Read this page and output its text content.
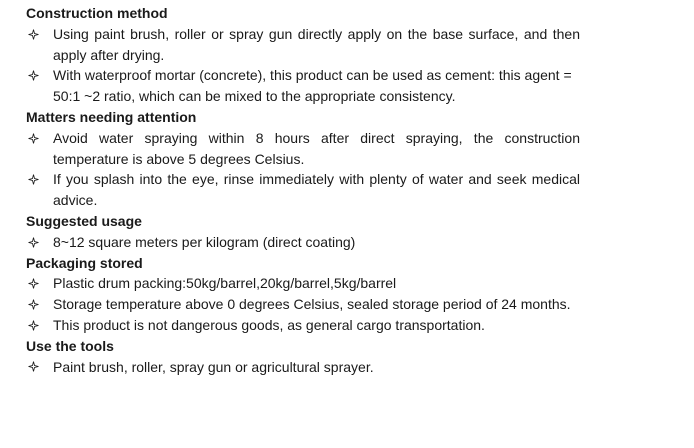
Construction method

Using paint brush, roller or spray gun directly apply on the base surface, and then apply after drying.
With waterproof mortar (concrete), this product can be used as cement: this agent = 50:1 ~2 ratio, which can be mixed to the appropriate consistency.

Matters needing attention

Avoid water spraying within 8 hours after direct spraying, the construction temperature is above 5 degrees Celsius.
If you splash into the eye, rinse immediately with plenty of water and seek medical advice.

Suggested usage

8~12 square meters per kilogram (direct coating)

Packaging stored

Plastic drum packing:50kg/barrel,20kg/barrel,5kg/barrel
Storage temperature above 0 degrees Celsius, sealed storage period of 24 months.
This product is not dangerous goods, as general cargo transportation.

Use the tools

Paint brush, roller, spray gun or agricultural sprayer.
